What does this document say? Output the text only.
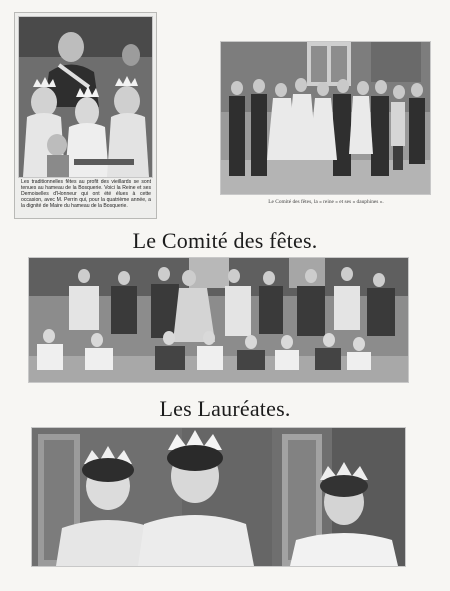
Les traditionnelles fêtes au profit des vieillards se sont tenues au hameau de la Bosquerie. Voici la Reine et ses Demoiselles d'Honneur qui ont été élues à cette occasion, avec M. Perrin qui, pour la quatrième année, a la dignité de Maire du hameau de la Bosquerie.
Le Comité des fêtes, la « reine » et ses « dauphines ».
Le Comité des fêtes.
Les Lauréates.
